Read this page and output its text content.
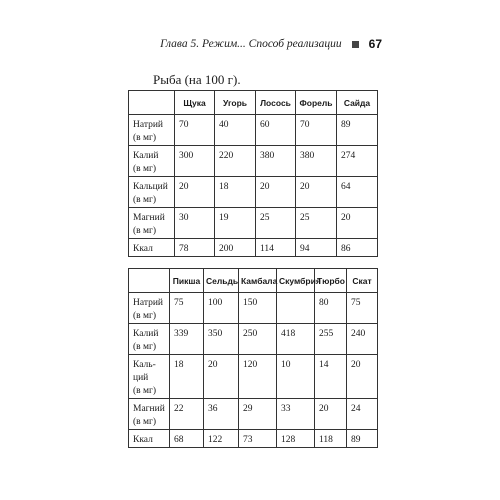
Глава 5. Режим... Способ реализации 67
Рыба (на 100 г).
	Щука	Угорь	Лосось	Форель	Сайда

Натрий
(в мг)	70	40	60	70	89

Калий
(в мг)	300	220	380	380	274

Кальций
(в мг)	20	18	20	20	64

Магний
(в мг)	30	19	25	25	20

Ккал	78	200	114	94	86
	Пикша	Сельдь	Камбала	Скумбрия	Тюрбо	Скат

Натрий
(в мг)	75	100	150		80	75

Калий
(в мг)	339	350	250	418	255	240

Каль-
ций
(в мг)	18	20	120	10	14	20

Магний
(в мг)	22	36	29	33	20	24

Ккал	68	122	73	128	118	89
